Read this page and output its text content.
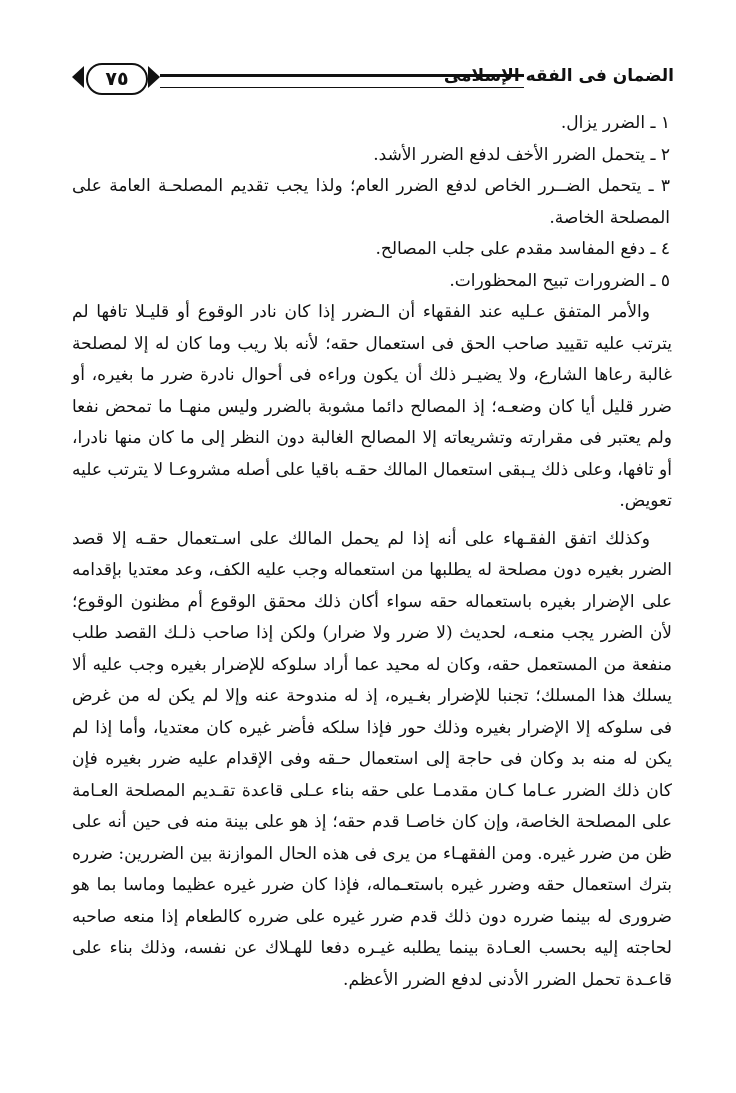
٧٥	الضمان فى الفقه الإسلامى

١ ـ الضرر يزال.

٢ ـ يتحمل الضرر الأخف لدفع الضرر الأشد.

٣ ـ يتحمل الضــرر الخاص لدفع الضرر العام؛ ولذا يجب تقديم المصلحـة العامة على المصلحة الخاصة.

٤ ـ دفع المفاسد مقدم على جلب المصالح.

٥ ـ الضرورات تبيح المحظورات.

والأمر المتفق عـليه عند الفقهاء أن الـضرر إذا كان نادر الوقوع أو قليـلا تافها لم يترتب عليه تقييد صاحب الحق فى استعمال حقه؛ لأنه بلا ريب وما كان له إلا لمصلحة غالبة رعاها الشارع، ولا يضيـر ذلك أن يكون وراءه فى أحوال نادرة ضرر ما بغيره، أو ضرر قليل أيا كان وضعـه؛ إذ المصالح دائما مشوبة بالضرر وليس منهـا ما تمحض نفعا ولم يعتبر فى مقرارته وتشريعاته إلا المصالح الغالبة دون النظر إلى ما كان منها نادرا، أو تافها، وعلى ذلك يـبقى استعمال المالك حقـه باقيا على أصله مشروعـا لا يترتب عليه تعويض.

وكذلك اتفق الفقـهاء على أنه إذا لم يحمل المالك على اسـتعمال حقـه إلا قصد الضرر بغيره دون مصلحة له يطلبها من استعماله وجب عليه الكف، وعد معتديا بإقدامه على الإضرار بغيره باستعماله حقه سواء أكان ذلك محقق الوقوع أم مظنون الوقوع؛ لأن الضرر يجب منعـه، لحديث (لا ضرر ولا ضرار) ولكن إذا صاحب ذلـك القصد طلب منفعة من المستعمل حقه، وكان له محيد عما أراد سلوكه للإضرار بغيره وجب عليه ألا يسلك هذا المسلك؛ تجنبا للإضرار بغـيره، إذ له مندوحة عنه وإلا لم يكن له من غرض فى سلوكه إلا الإضرار بغيره وذلك حور فإذا سلكه فأضر غيره كان معتديا، وأما إذا لم يكن له منه بد وكان فى حاجة إلى استعمال حـقه وفى الإقدام عليه ضرر بغيره فإن كان ذلك الضرر عـاما كـان مقدمـا على حقه بناء عـلى قاعدة تقـديم المصلحة العـامة على المصلحة الخاصة، وإن كان خاصـا قدم حقه؛ إذ هو على بينة منه فى حين أنه على ظن من ضرر غيره. ومن الفقهـاء من يرى فى هذه الحال الموازنة بين الضررين: ضرره بترك استعمال حقه وضرر غيره باستعـماله، فإذا كان ضرر غيره عظيما وماسا بما هو ضرورى له بينما ضرره دون ذلك قدم ضرر غيره على ضرره كالطعام إذا منعه صاحبه لحاجته إليه بحسب العـادة بينما يطلبه غيـره دفعا للهـلاك عن نفسه، وذلك بناء على قاعـدة تحمل الضرر الأدنى لدفع الضرر الأعظم.
